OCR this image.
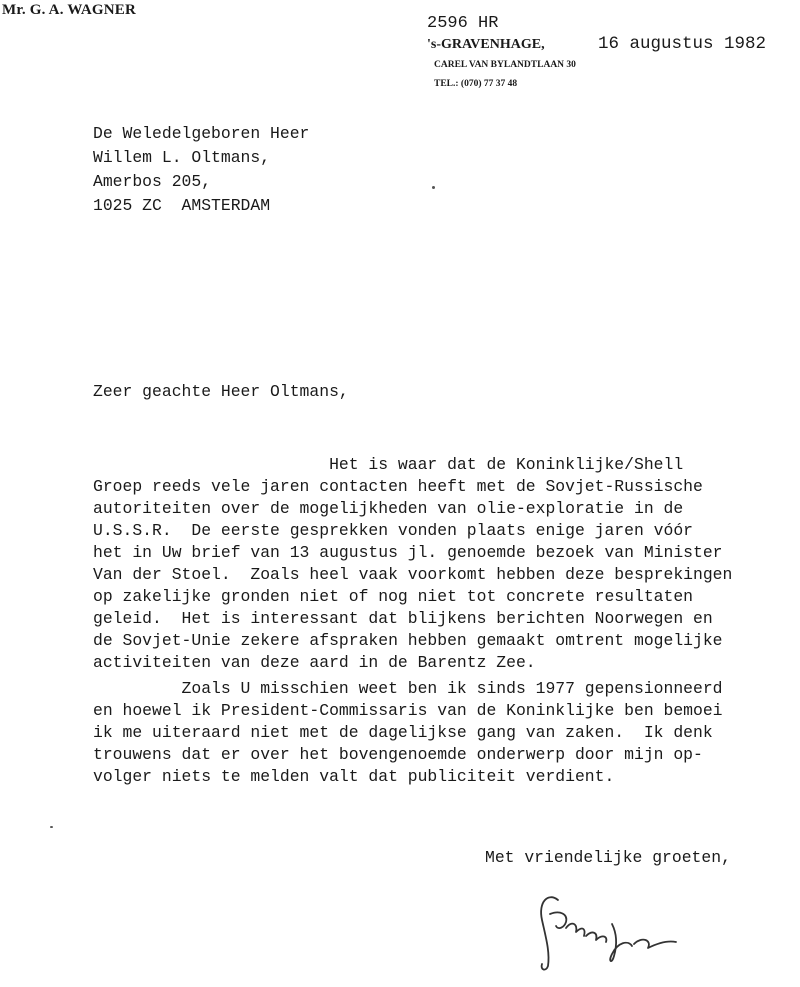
Mr. G. A. WAGNER
2596 HR
's-GRAVENHAGE,	16 augustus 1982
CAREL VAN BYLANDTLAAN 30
TEL.: (070) 77 37 48
De Weledelgeboren Heer
Willem L. Oltmans,
Amerbos 205,
1025 ZC  AMSTERDAM
Zeer geachte Heer Oltmans,
Het is waar dat de Koninklijke/Shell
Groep reeds vele jaren contacten heeft met de Sovjet-Russische
autoriteiten over de mogelijkheden van olie-exploratie in de
U.S.S.R.  De eerste gesprekken vonden plaats enige jaren vóór
het in Uw brief van 13 augustus jl. genoemde bezoek van Minister
Van der Stoel.  Zoals heel vaak voorkomt hebben deze besprekingen
op zakelijke gronden niet of nog niet tot concrete resultaten
geleid.  Het is interessant dat blijkens berichten Noorwegen en
de Sovjet-Unie zekere afspraken hebben gemaakt omtrent mogelijke
activiteiten van deze aard in de Barentz Zee.
Zoals U misschien weet ben ik sinds 1977 gepensionneerd
en hoewel ik President-Commissaris van de Koninklijke ben bemoei
ik me uiteraard niet met de dagelijkse gang van zaken.  Ik denk
trouwens dat er over het bovengenoemde onderwerp door mijn op-
volger niets te melden valt dat publiciteit verdient.
Met vriendelijke groeten,
